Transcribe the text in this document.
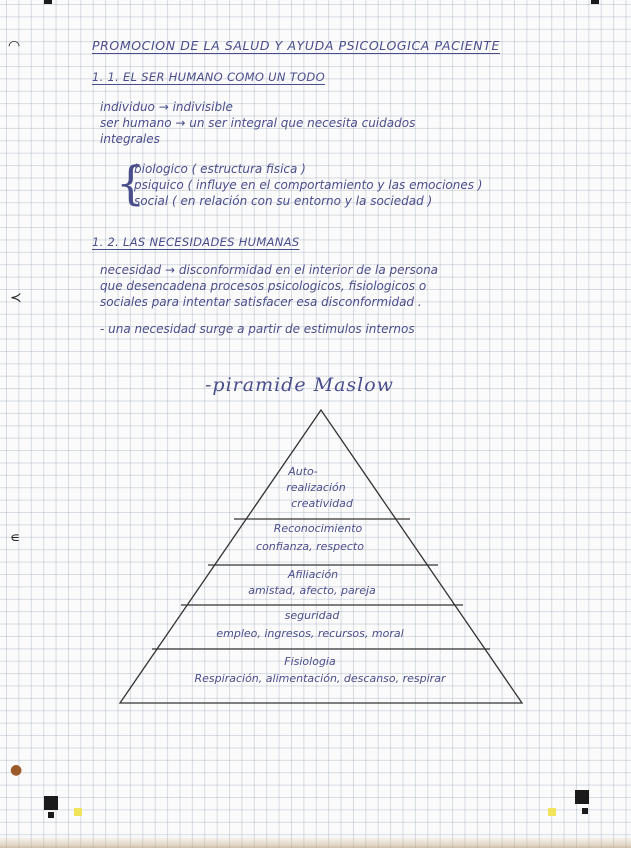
PROMOCION DE LA SALUD Y AYUDA PSICOLOGICA PACIENTE
1. 1. EL SER HUMANO COMO UN TODO
individuo → indivisible
ser humano → un ser integral que necesita cuidados
integrales
{
biologico ( estructura fisica )
psiquico ( influye en el comportamiento y las emociones )
social ( en relación con su entorno y la sociedad )
1. 2. LAS NECESIDADES HUMANAS
necesidad → disconformidad en el interior de la persona
que desencadena procesos psicologicos, fisiologicos o
sociales para intentar satisfacer esa disconformidad .
- una necesidad surge a partir de estimulos internos
-piramide Maslow
Auto-
realización
creatividad
Reconocimiento
confianza, respecto
Afiliación
amistad, afecto, pareja
seguridad
empleo, ingresos, recursos, moral
Fisiologia
Respiración, alimentación, descanso, respirar
◠
≺
∊
●
